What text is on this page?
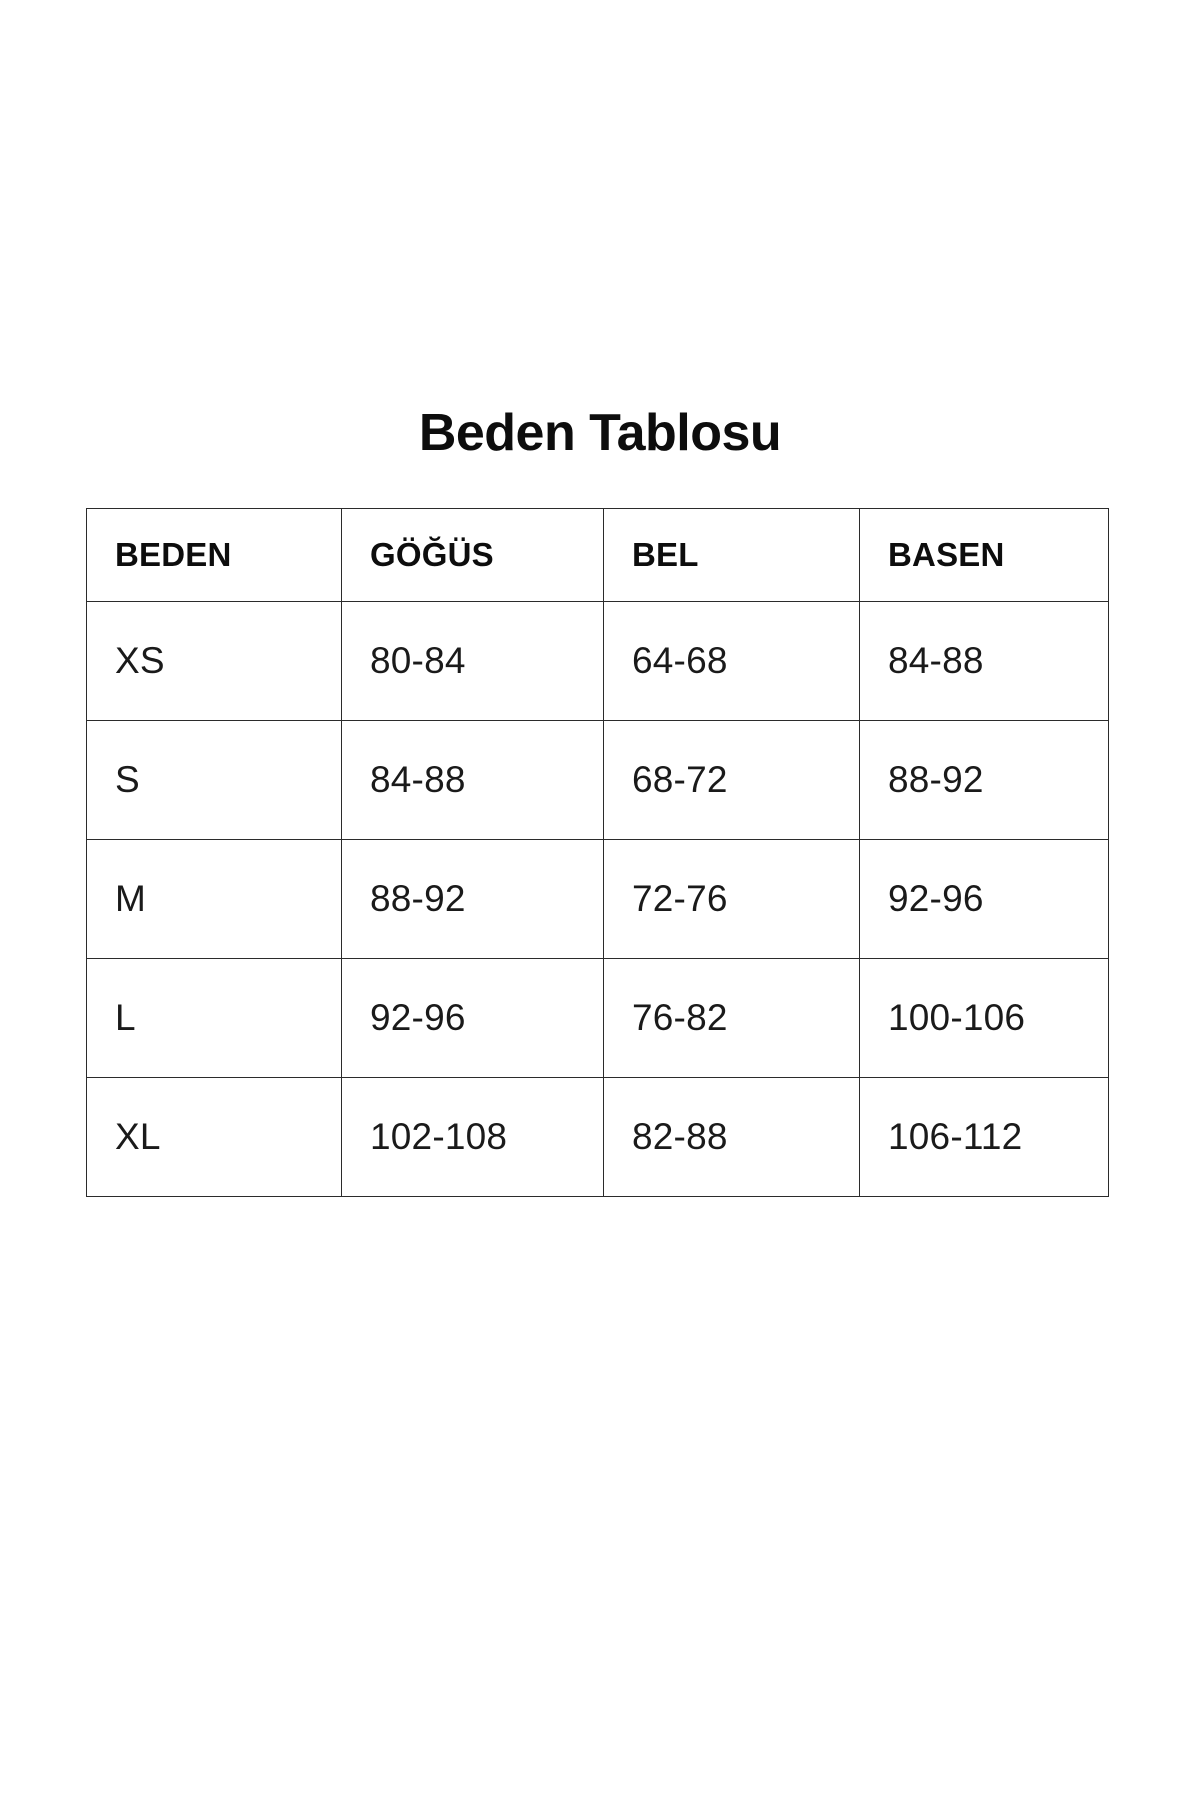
Beden Tablosu
BEDEN	GÖĞÜS	BEL	BASEN
XS	80-84	64-68	84-88
S	84-88	68-72	88-92
M	88-92	72-76	92-96
L	92-96	76-82	100-106
XL	102-108	82-88	106-112
